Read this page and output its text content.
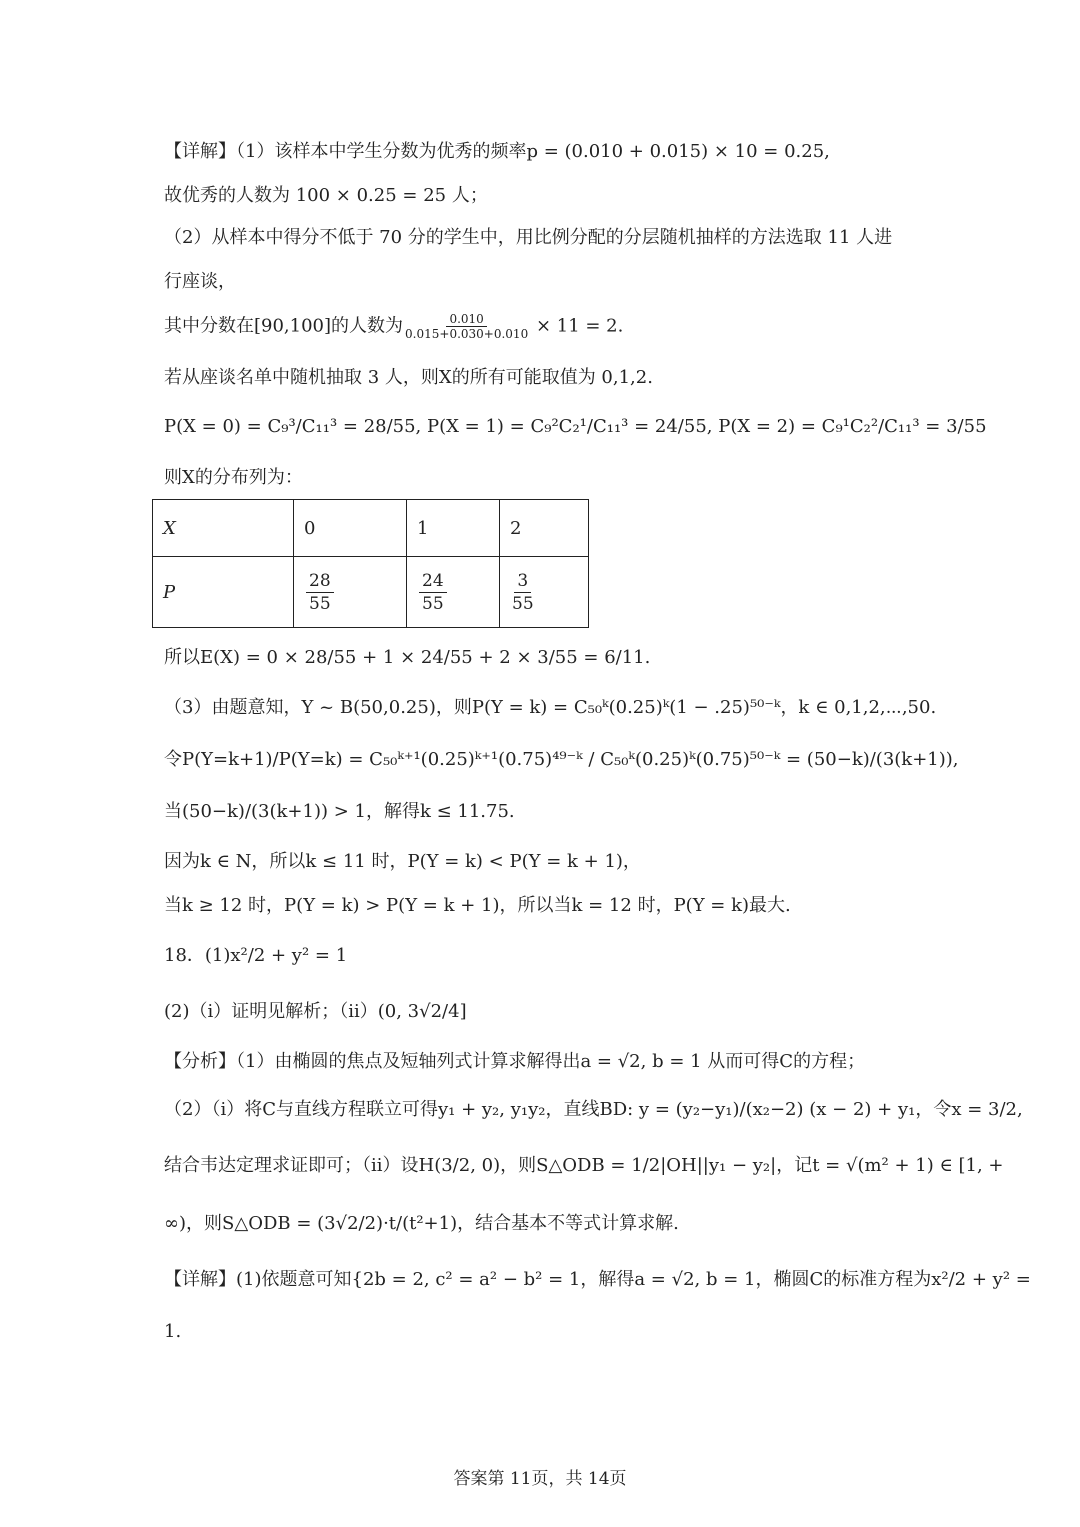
【详解】（1）该样本中学生分数为优秀的频率p = (0.010 + 0.015) × 10 = 0.25,
故优秀的人数为 100 × 0.25 = 25 人；
（2）从样本中得分不低于 70 分的学生中，用比例分配的分层随机抽样的方法选取 11 人进
行座谈，
其中分数在[90,100]的人数为 $\frac{0.010}{0.015+0.030+0.010} \times 11 = 2$.
若从座谈名单中随机抽取 3 人，则X的所有可能取值为 0,1,2.
P(X = 0) = C₉³/C₁₁³ = 28/55, P(X = 1) = C₉²C₂¹/C₁₁³ = 24/55, P(X = 2) = C₉¹C₂²/C₁₁³ = 3/55
则X的分布列为：
X	0	1	2
P	$\frac{28}{55}$	$\frac{24}{55}$	$\frac{3}{55}$
所以E(X) = 0 × 28/55 + 1 × 24/55 + 2 × 3/55 = 6/11.
（3）由题意知，Y ~ B(50,0.25)，则P(Y = k) = C₅₀ᵏ(0.25)ᵏ(1 − .25)⁵⁰⁻ᵏ，k ∈ 0,1,2,⋯,50.
令P(Y=k+1)/P(Y=k) = C₅₀ᵏ⁺¹(0.25)ᵏ⁺¹(0.75)⁴⁹⁻ᵏ / C₅₀ᵏ(0.25)ᵏ(0.75)⁵⁰⁻ᵏ = (50−k)/(3(k+1)),
当(50−k)/(3(k+1)) > 1，解得k ≤ 11.75.
因为k ∈ N，所以k ≤ 11 时，P(Y = k) < P(Y = k + 1)，
当k ≥ 12 时，P(Y = k) > P(Y = k + 1)，所以当k = 12 时，P(Y = k)最大.
18．(1)x²/2 + y² = 1
(2)（i）证明见解析；（ii）(0, 3√2/4]
【分析】（1）由椭圆的焦点及短轴列式计算求解得出a = √2, b = 1 从而可得C的方程；
（2）（i）将C与直线方程联立可得y₁ + y₂, y₁y₂，直线BD: y = (y₂−y₁)/(x₂−2) (x − 2) + y₁，令x = 3/2,
结合韦达定理求证即可；（ii）设H(3/2, 0)，则S△ODB = 1/2|OH||y₁ − y₂|，记t = √(m² + 1) ∈ [1, +
∞)，则S△ODB = (3√2/2)·t/(t²+1)，结合基本不等式计算求解.
【详解】(1)依题意可知{2b = 2, c² = a² − b² = 1，解得a = √2, b = 1，椭圆C的标准方程为x²/2 + y² =
1.
答案第 11页，共 14页
